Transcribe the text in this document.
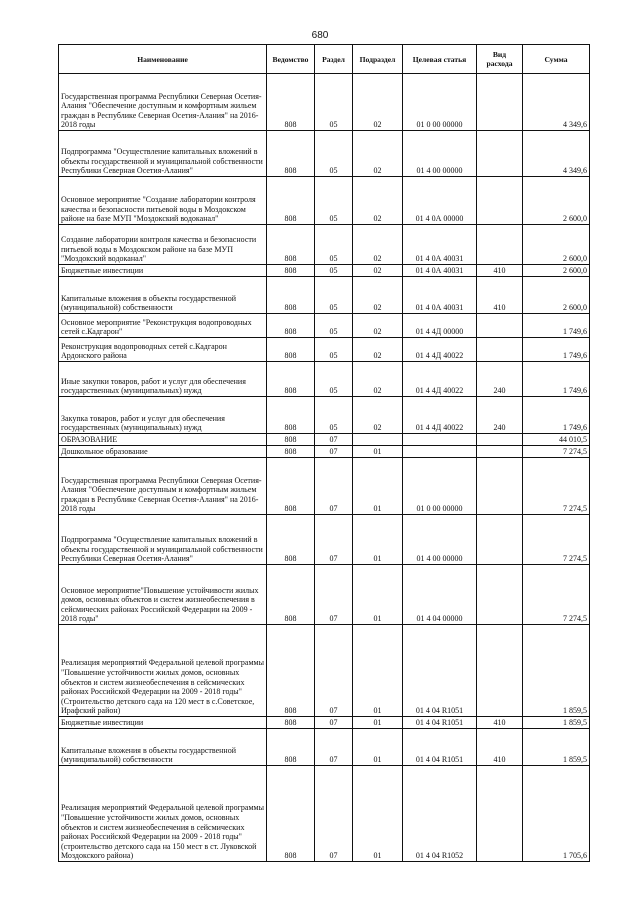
680
Наименование	Ведомство	Раздел	Подраздел	Целевая статья	Вид расхода	Сумма
Государственная программа Республики Северная Осетия-Алания "Обеспечение доступным и комфортным жильем граждан в Республике Северная Осетия-Алания" на 2016-2018 годы	808	05	02	01 0 00 00000		4 349,6
Подпрограмма "Осуществление капитальных вложений в объекты государственной и муниципальной собственности Республики Северная Осетия-Алания"	808	05	02	01 4 00 00000		4 349,6
Основное мероприятие "Создание лаборатории контроля качества и безопасности питьевой воды в Моздокском районе на базе МУП "Моздокский водоканал"	808	05	02	01 4 0А 00000		2 600,0
Создание лаборатории контроля качества и безопасности питьевой воды в Моздокском районе на базе МУП "Моздокский водоканал"	808	05	02	01 4 0А 40031		2 600,0
Бюджетные инвестиции	808	05	02	01 4 0А 40031	410	2 600,0
Капитальные вложения в объекты государственной (муниципальной) собственности	808	05	02	01 4 0А 40031	410	2 600,0
Основное мероприятие "Реконструкция водопроводных сетей с.Кадгарон"	808	05	02	01 4 4Д 00000		1 749,6
Реконструкция водопроводных сетей с.Кадгарон Ардонского района	808	05	02	01 4 4Д 40022		1 749,6
Иные закупки товаров, работ и услуг для обеспечения государственных (муниципальных) нужд	808	05	02	01 4 4Д 40022	240	1 749,6
Закупка товаров, работ и услуг для обеспечения государственных (муниципальных) нужд	808	05	02	01 4 4Д 40022	240	1 749,6
ОБРАЗОВАНИЕ	808	07				44 010,5
Дошкольное образование	808	07	01			7 274,5
Государственная программа Республики Северная Осетия-Алания "Обеспечение доступным и комфортным жильем граждан в Республике Северная Осетия-Алания" на 2016-2018 годы	808	07	01	01 0 00 00000		7 274,5
Подпрограмма "Осуществление капитальных вложений в объекты государственной и муниципальной собственности Республики Северная Осетия-Алания"	808	07	01	01 4 00 00000		7 274,5
Основное мероприятие"Повышение устойчивости жилых домов, основных объектов и систем жизнеобеспечения в сейсмических районах Российской Федерации на 2009 - 2018 годы"	808	07	01	01 4 04 00000		7 274,5
Реализация мероприятий Федеральной целевой программы "Повышение устойчивости жилых домов, основных объектов и систем жизнеобеспечения в сейсмических районах Российской Федерации на 2009 - 2018 годы" (Строительство детского сада на 120 мест в с.Советское, Ирафский район)	808	07	01	01 4 04 R1051		1 859,5
Бюджетные инвестиции	808	07	01	01 4 04 R1051	410	1 859,5
Капитальные вложения в объекты государственной (муниципальной) собственности	808	07	01	01 4 04 R1051	410	1 859,5
Реализация мероприятий Федеральной целевой программы "Повышение устойчивости жилых домов, основных объектов и систем жизнеобеспечения в сейсмических районах Российской Федерации на 2009 - 2018 годы" (строительство детского сада на 150 мест в ст. Луковской Моздокского района)	808	07	01	01 4 04 R1052		1 705,6
